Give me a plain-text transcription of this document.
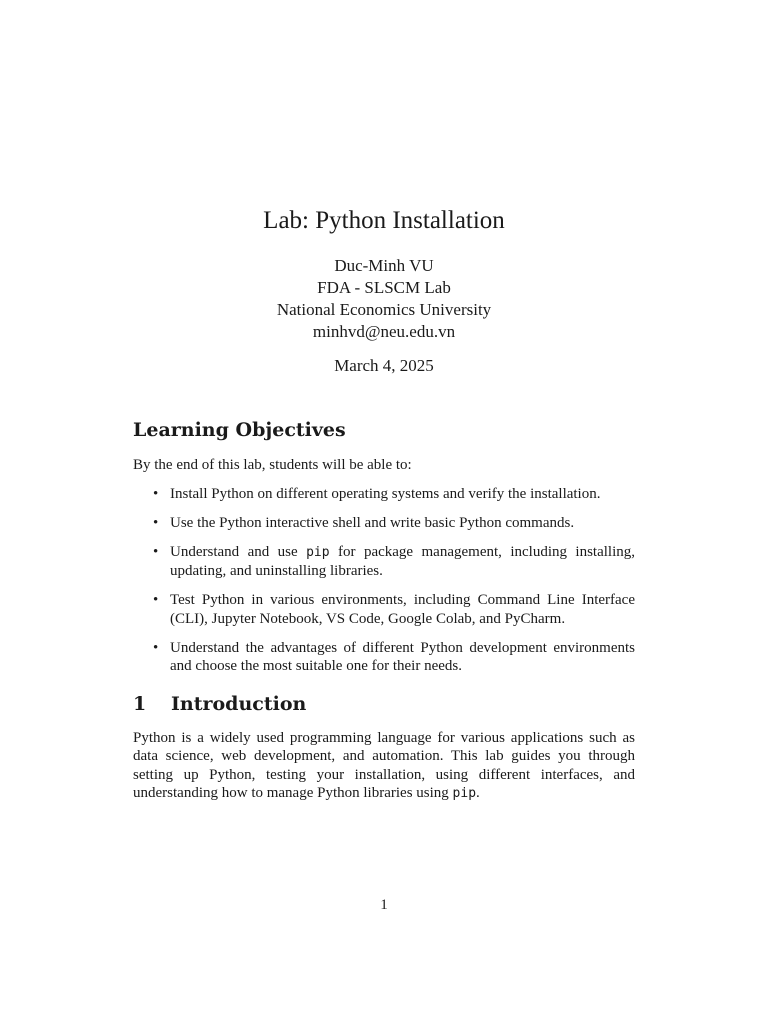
Lab: Python Installation
Duc-Minh VU
FDA - SLSCM Lab
National Economics University
minhvd@neu.edu.vn
March 4, 2025
Learning Objectives

By the end of this lab, students will be able to:

• Install Python on different operating systems and verify the installation.
• Use the Python interactive shell and write basic Python commands.
• Understand and use pip for package management, including installing, updating, and uninstalling libraries.
• Test Python in various environments, including Command Line Interface (CLI), Jupyter Notebook, VS Code, Google Colab, and PyCharm.
• Understand the advantages of different Python development environments and choose the most suitable one for their needs.
1 Introduction

Python is a widely used programming language for various applications such as data science, web development, and automation. This lab guides you through setting up Python, testing your installation, using different interfaces, and understanding how to manage Python libraries using pip.

1
